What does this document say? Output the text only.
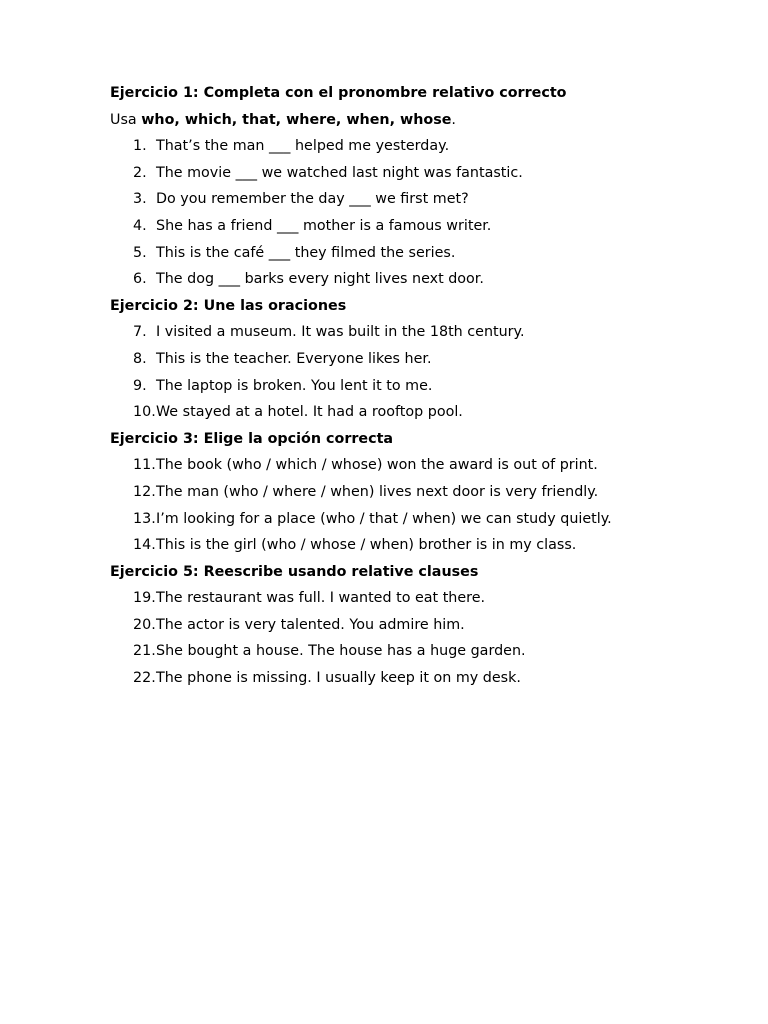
Ejercicio 1: Completa con el pronombre relativo correcto
Usa who, which, that, where, when, whose.
1. That’s the man ___ helped me yesterday.
2. The movie ___ we watched last night was fantastic.
3. Do you remember the day ___ we first met?
4. She has a friend ___ mother is a famous writer.
5. This is the café ___ they filmed the series.
6. The dog ___ barks every night lives next door.
Ejercicio 2: Une las oraciones
7. I visited a museum. It was built in the 18th century.
8. This is the teacher. Everyone likes her.
9. The laptop is broken. You lent it to me.
10. We stayed at a hotel. It had a rooftop pool.
Ejercicio 3: Elige la opción correcta
11. The book (who / which / whose) won the award is out of print.
12. The man (who / where / when) lives next door is very friendly.
13. I’m looking for a place (who / that / when) we can study quietly.
14. This is the girl (who / whose / when) brother is in my class.
Ejercicio 5: Reescribe usando relative clauses
19. The restaurant was full. I wanted to eat there.
20. The actor is very talented. You admire him.
21. She bought a house. The house has a huge garden.
22. The phone is missing. I usually keep it on my desk.
